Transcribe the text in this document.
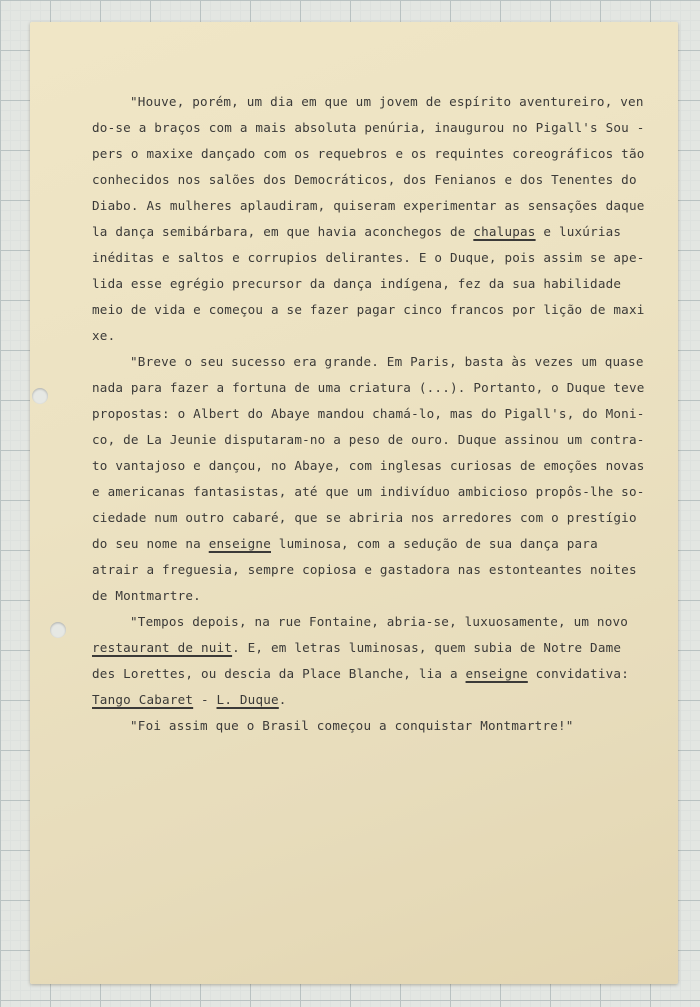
"Houve, porém, um dia em que um jovem de espírito aventureiro, ven
do-se a braços com a mais absoluta penúria, inaugurou no Pigall's Sou -
pers o maxixe dançado com os requebros e os requintes coreográficos tão
conhecidos nos salões dos Democráticos, dos Fenianos e dos Tenentes do
Diabo. As mulheres aplaudiram, quiseram experimentar as sensações daque
la dança semibárbara, em que havia aconchegos de chalupas e luxúrias
inéditas e saltos e corrupios delirantes. E o Duque, pois assim se ape-
lida esse egrégio precursor da dança indígena, fez da sua habilidade
meio de vida e começou a se fazer pagar cinco francos por lição de maxi
xe.
"Breve o seu sucesso era grande. Em Paris, basta às vezes um quase
nada para fazer a fortuna de uma criatura (...). Portanto, o Duque teve
propostas: o Albert do Abaye mandou chamá-lo, mas do Pigall's, do Moni-
co, de La Jeunie disputaram-no a peso de ouro. Duque assinou um contra-
to vantajoso e dançou, no Abaye, com inglesas curiosas de emoções novas
e americanas fantasistas, até que um indivíduo ambicioso propôs-lhe so-
ciedade num outro cabaré, que se abriria nos arredores com o prestígio
do seu nome na enseigne luminosa, com a sedução de sua dança para
atrair a freguesia, sempre copiosa e gastadora nas estonteantes noites
de Montmartre.
"Tempos depois, na rue Fontaine, abria-se, luxuosamente, um novo
restaurant de nuit. E, em letras luminosas, quem subia de Notre Dame
des Lorettes, ou descia da Place Blanche, lia a enseigne convidativa:
Tango Cabaret - L. Duque.
"Foi assim que o Brasil começou a conquistar Montmartre!"
